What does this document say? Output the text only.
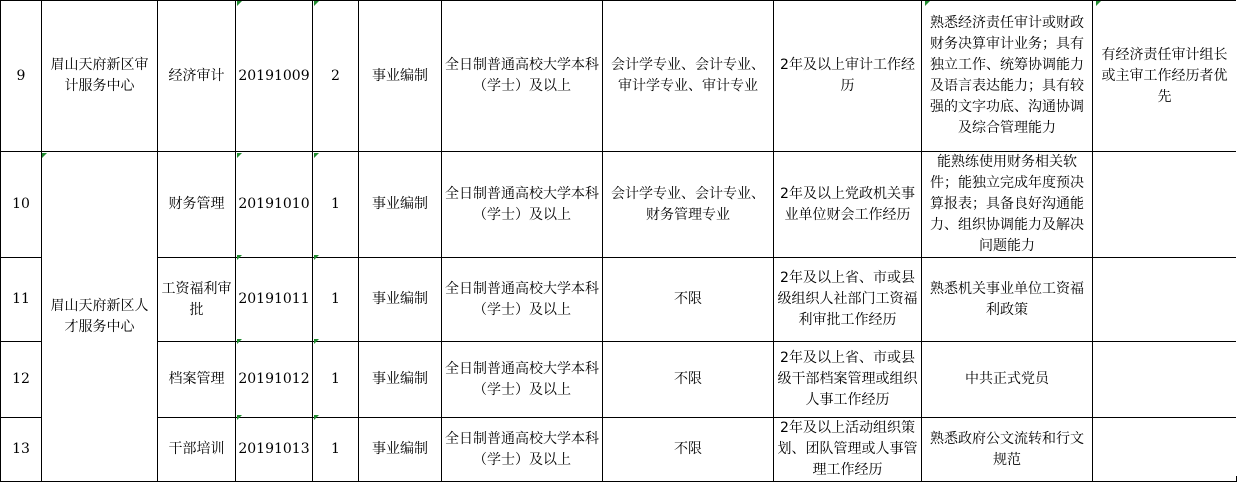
9	眉山天府新区审计服务中心	经济审计	20191009	2	事业编制	全日制普通高校大学本科（学士）及以上	会计学专业、会计专业、审计学专业、审计专业	2年及以上审计工作经历	熟悉经济责任审计或财政财务决算审计业务；具有独立工作、统筹协调能力及语言表达能力；具有较强的文字功底、沟通协调及综合管理能力	有经济责任审计组长或主审工作经历者优先
10	眉山天府新区人才服务中心	财务管理	20191010	1	事业编制	全日制普通高校大学本科（学士）及以上	会计学专业、会计专业、财务管理专业	2年及以上党政机关事业单位财会工作经历	能熟练使用财务相关软件；能独立完成年度预决算报表；具备良好沟通能力、组织协调能力及解决问题能力	
11		工资福利审批	20191011	1	事业编制	全日制普通高校大学本科（学士）及以上	不限	2年及以上省、市或县级组织人社部门工资福利审批工作经历	熟悉机关事业单位工资福利政策	
12		档案管理	20191012	1	事业编制	全日制普通高校大学本科（学士）及以上	不限	2年及以上省、市或县级干部档案管理或组织人事工作经历	中共正式党员	
13		干部培训	20191013	1	事业编制	全日制普通高校大学本科（学士）及以上	不限	2年及以上活动组织策划、团队管理或人事管理工作经历	熟悉政府公文流转和行文规范	
